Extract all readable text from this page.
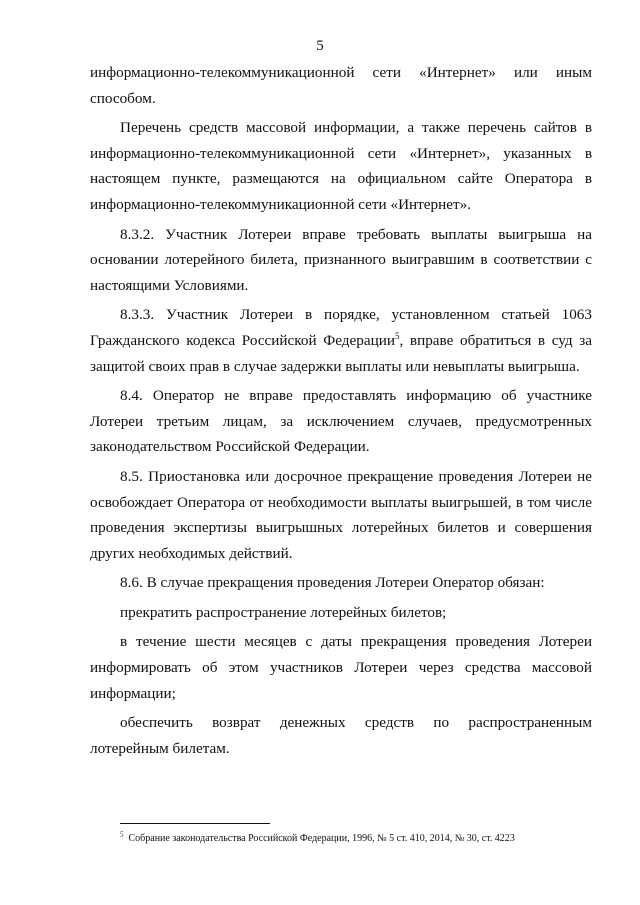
5

информационно-телекоммуникационной сети «Интернет» или иным способом.

Перечень средств массовой информации, а также перечень сайтов в информационно-телекоммуникационной сети «Интернет», указанных в настоящем пункте, размещаются на официальном сайте Оператора в информационно-телекоммуникационной сети «Интернет».

8.3.2. Участник Лотереи вправе требовать выплаты выигрыша на основании лотерейного билета, признанного выигравшим в соответствии с настоящими Условиями.

8.3.3. Участник Лотереи в порядке, установленном статьей 1063 Гражданского кодекса Российской Федерации$^5$, вправе обратиться в суд за защитой своих прав в случае задержки выплаты или невыплаты выигрыша.

8.4. Оператор не вправе предоставлять информацию об участнике Лотереи третьим лицам, за исключением случаев, предусмотренных законодательством Российской Федерации.

8.5. Приостановка или досрочное прекращение проведения Лотереи не освобождает Оператора от необходимости выплаты выигрышей, в том числе проведения экспертизы выигрышных лотерейных билетов и совершения других необходимых действий.

8.6. В случае прекращения проведения Лотереи Оператор обязан:

прекратить распространение лотерейных билетов;

в течение шести месяцев с даты прекращения проведения Лотереи информировать об этом участников Лотереи через средства массовой информации;

обеспечить возврат денежных средств по распространенным лотерейным билетам.

$^5$ Собрание законодательства Российской Федерации, 1996, № 5 ст. 410, 2014, № 30, ст. 4223
